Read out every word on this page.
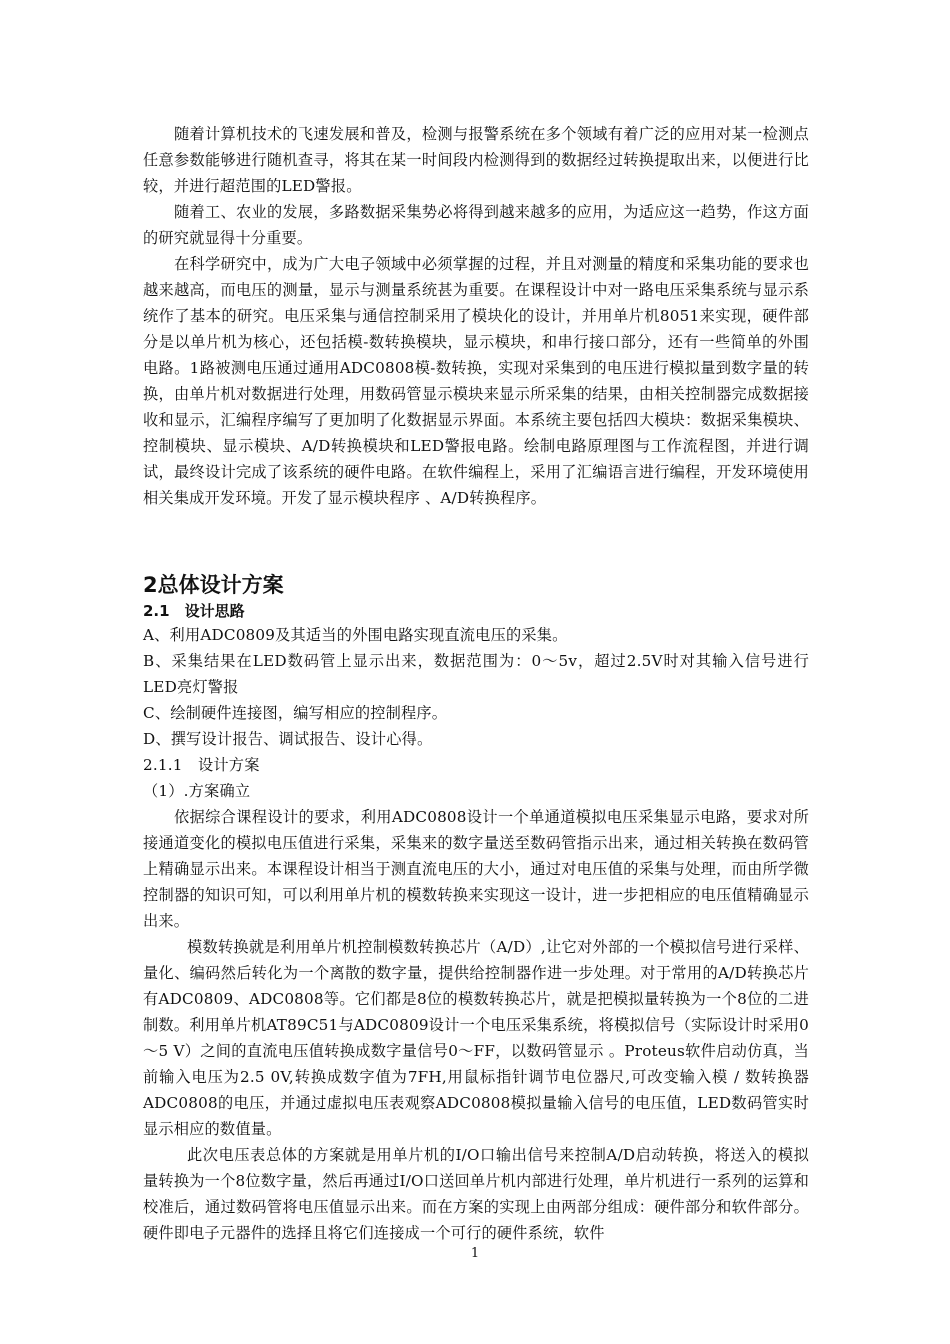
随着计算机技术的飞速发展和普及，检测与报警系统在多个领域有着广泛的应用对某一检测点任意参数能够进行随机查寻，将其在某一时间段内检测得到的数据经过转换提取出来，以便进行比较，并进行超范围的LED警报。

随着工、农业的发展，多路数据采集势必将得到越来越多的应用，为适应这一趋势，作这方面的研究就显得十分重要。

在科学研究中，成为广大电子领域中必须掌握的过程，并且对测量的精度和采集功能的要求也越来越高，而电压的测量，显示与测量系统甚为重要。在课程设计中对一路电压采集系统与显示系统作了基本的研究。电压采集与通信控制采用了模块化的设计，并用单片机8051来实现，硬件部分是以单片机为核心，还包括模-数转换模块，显示模块，和串行接口部分，还有一些简单的外围电路。1路被测电压通过通用ADC0808模-数转换，实现对采集到的电压进行模拟量到数字量的转换，由单片机对数据进行处理，用数码管显示模块来显示所采集的结果，由相关控制器完成数据接收和显示，汇编程序编写了更加明了化数据显示界面。本系统主要包括四大模块：数据采集模块、控制模块、显示模块、A/D转换模块和LED警报电路。绘制电路原理图与工作流程图，并进行调试，最终设计完成了该系统的硬件电路。在软件编程上，采用了汇编语言进行编程，开发环境使用相关集成开发环境。开发了显示模块程序 、A/D转换程序。

2总体设计方案
2.1　设计思路

A、利用ADC0809及其适当的外围电路实现直流电压的采集。

B、采集结果在LED数码管上显示出来，数据范围为：0～5v，超过2.5V时对其输入信号进行LED亮灯警报

C、绘制硬件连接图，编写相应的控制程序。

D、撰写设计报告、调试报告、设计心得。

2.1.1　设计方案

（1）.方案确立

依据综合课程设计的要求，利用ADC0808设计一个单通道模拟电压采集显示电路，要求对所接通道变化的模拟电压值进行采集，采集来的数字量送至数码管指示出来，通过相关转换在数码管上精确显示出来。本课程设计相当于测直流电压的大小，通过对电压值的采集与处理，而由所学微控制器的知识可知，可以利用单片机的模数转换来实现这一设计，进一步把相应的电压值精确显示出来。

模数转换就是利用单片机控制模数转换芯片（A/D）,让它对外部的一个模拟信号进行采样、量化、编码然后转化为一个离散的数字量，提供给控制器作进一步处理。对于常用的A/D转换芯片有ADC0809、ADC0808等。它们都是8位的模数转换芯片，就是把模拟量转换为一个8位的二进制数。利用单片机AT89C51与ADC0809设计一个电压采集系统，将模拟信号（实际设计时采用0～5 V）之间的直流电压值转换成数字量信号0～FF，以数码管显示 。Proteus软件启动仿真，当前输入电压为2.5 0V,转换成数字值为7FH,用鼠标指针调节电位器尺,可改变输入模 / 数转换器ADC0808的电压，并通过虚拟电压表观察ADC0808模拟量输入信号的电压值，LED数码管实时显示相应的数值量。

此次电压表总体的方案就是用单片机的I/O口输出信号来控制A/D启动转换，将送入的模拟量转换为一个8位数字量，然后再通过I/O口送回单片机内部进行处理，单片机进行一系列的运算和校准后，通过数码管将电压值显示出来。而在方案的实现上由两部分组成：硬件部分和软件部分。硬件即电子元器件的选择且将它们连接成一个可行的硬件系统，软件

1
